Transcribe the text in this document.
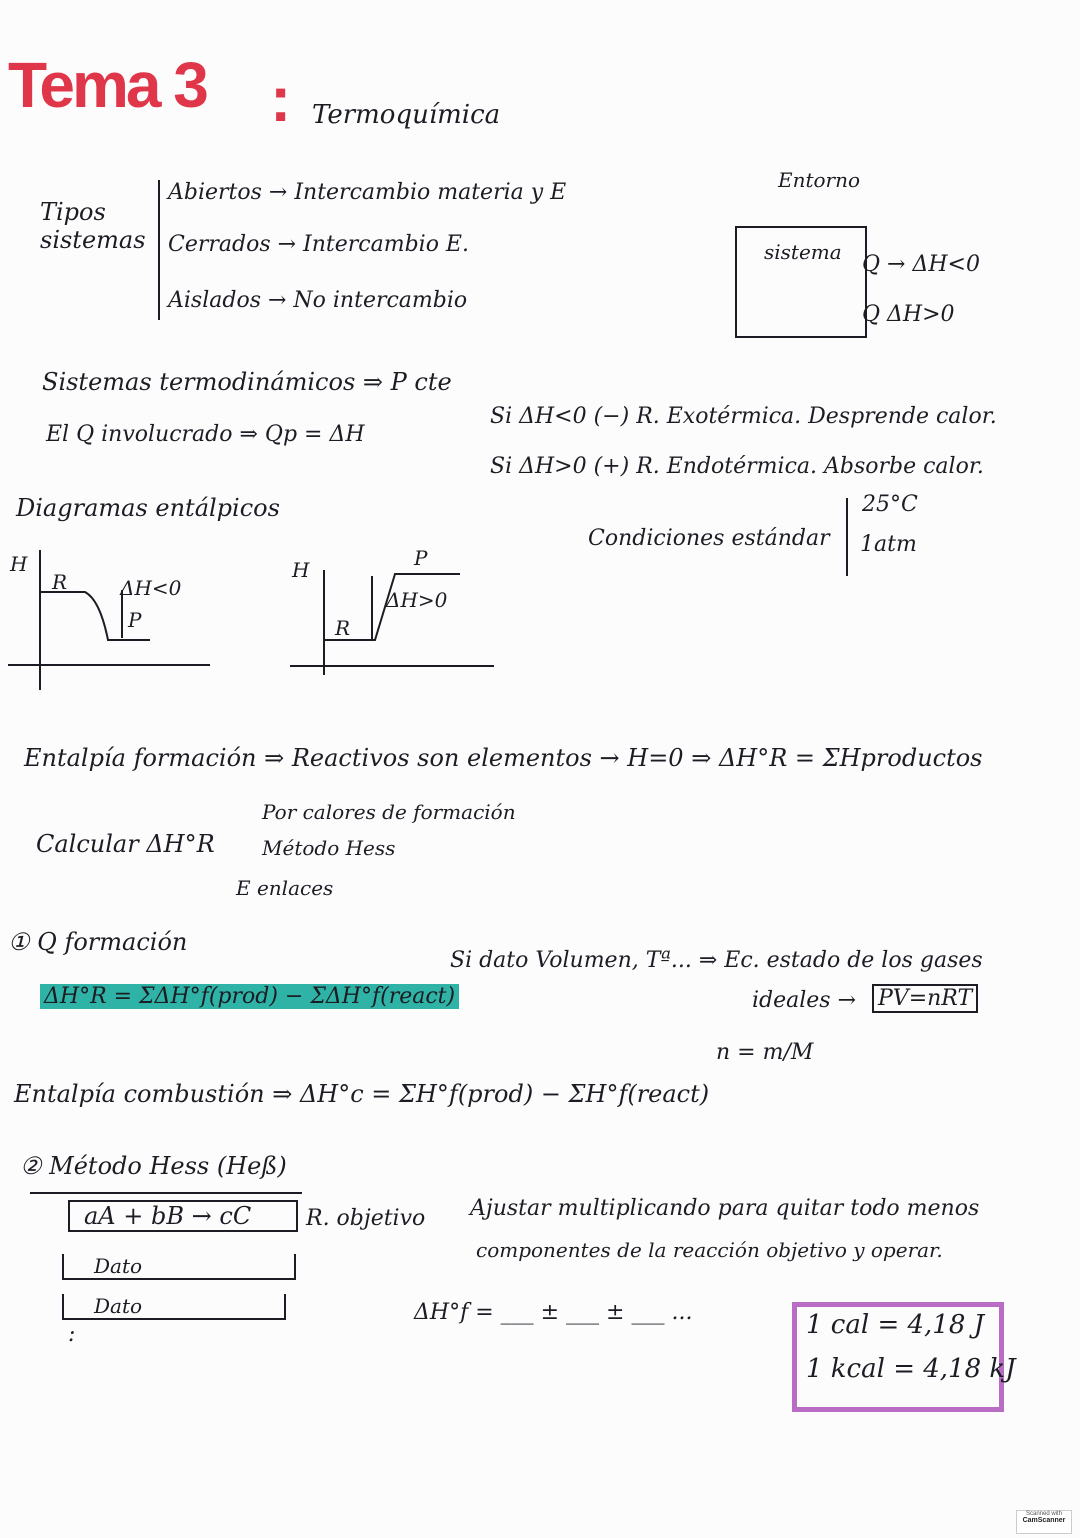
Tema 3 : Termoquímica
Tipos sistemas
Abiertos → Intercambio materia y E
Cerrados → Intercambio E.
Aislados → No intercambio
Entorno
sistema Q → ΔH<0
Q ΔH>0
Sistemas termodinámicos ⇒ P cte
El Q involucrado ⇒ Qp = ΔH
Si ΔH<0 (−) R. Exotérmica. Desprende calor.
Si ΔH>0 (+) R. Endotérmica. Absorbe calor.
Diagramas entálpicos
H
R	ΔH<0
P
H	P
R
ΔH>0
Condiciones estándar
25°C
1atm
Entalpía formación ⇒ Reactivos son elementos → H=0 ⇒ ΔH°R = ΣHproductos
Calcular ΔH°R
Por calores de formación
Método Hess
E enlaces
① Q formación
ΔH°R = ΣΔH°f(prod) − ΣΔH°f(react)
Si dato Volumen, Tª... ⇒ Ec. estado de los gases
ideales → PV=nRT
n = m/M
Entalpía combustión ⇒ ΔH°c = ΣH°f(prod) − ΣH°f(react)
② Método Hess (Heß)
aA + bB → cC	R. objetivo
Dato
Dato
:
Ajustar multiplicando para quitar todo menos
componentes de la reacción objetivo y operar.
ΔH°f = ___ ± ___ ± ___ ...	1 cal = 4,18 J
1 kcal = 4,18 kJ
Scanned with
CamScanner
